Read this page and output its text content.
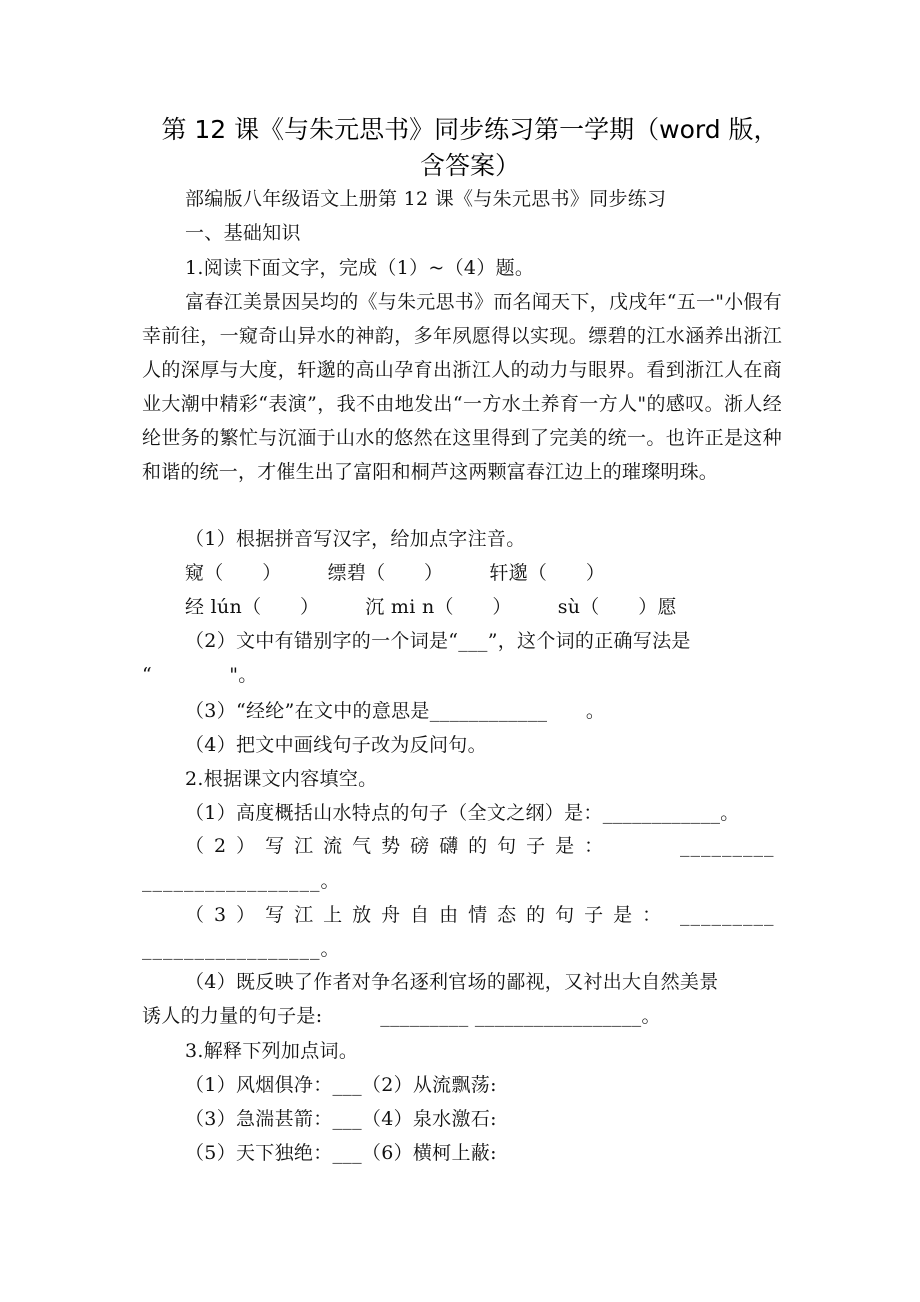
第 12 课《与朱元思书》同步练习第一学期（word 版，
含答案）
部编版八年级语文上册第 12 课《与朱元思书》同步练习
一、基础知识
1.阅读下面文字，完成（1）~（4）题。
富春江美景因吴均的《与朱元思书》而名闻天下，戊戌年“五一"小假有幸前往，一窥奇山异水的神韵，多年夙愿得以实现。缥碧的江水涵养出浙江人的深厚与大度，轩邈的高山孕育出浙江人的动力与眼界。看到浙江人在商业大潮中精彩“表演”，我不由地发出“一方水土养育一方人"的感叹。浙人经纶世务的繁忙与沉湎于山水的悠然在这里得到了完美的统一。也许正是这种和谐的统一，才催生出了富阳和桐芦这两颗富春江边上的璀璨明珠。
（1）根据拼音写汉字，给加点字注音。
窥（　　） 缥碧（　　） 轩邈（　　）
经 lún（　　） 沉 mi n（　　） sù（　　）愿
（2）文中有错别字的一个词是“___”，这个词的正确写法是
“　　　　"。
（3）“经纶”在文中的意思是____________　　。
（4）把文中画线句子改为反问句。
2.根据课文内容填空。
（1）高度概括山水特点的句子（全文之纲）是：____________。
（2）写江流气势磅礴的句子是：	_________
_________________。
（3）写江上放舟自由情态的句子是： _________
_________________。
（4）既反映了作者对争名逐利官场的鄙视，又衬出大自然美景
诱人的力量的句子是:　　　_________ _________________。
3.解释下列加点词。
（1）风烟俱净：___（2）从流飘荡:
（3）急湍甚箭：___（4）泉水激石:
（5）天下独绝：___（6）横柯上蔽:
